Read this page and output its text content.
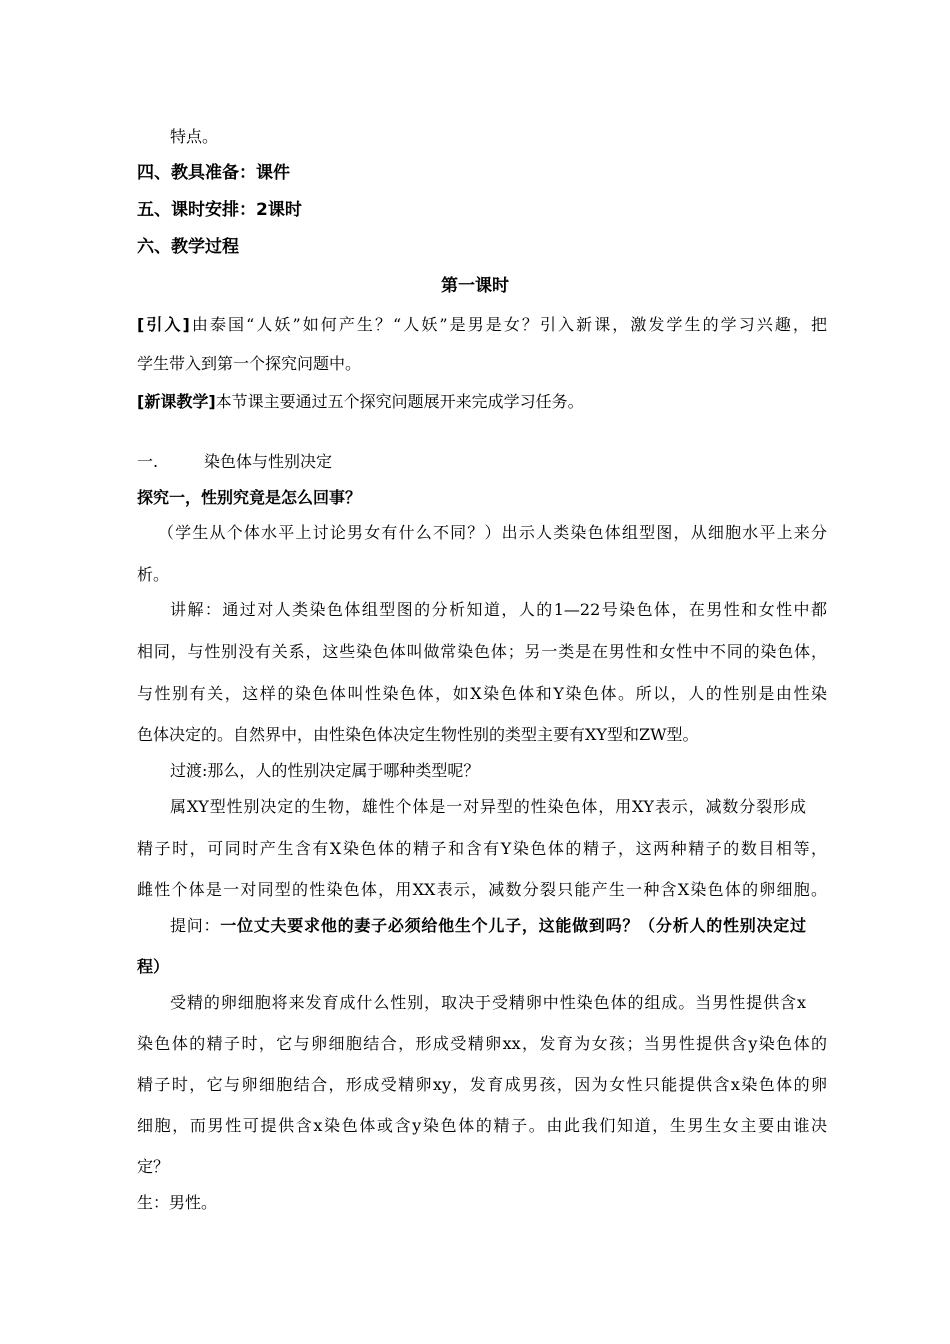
特点。
四、教具准备：课件
五、课时安排：2课时
六、教学过程
第一课时
[引入]由泰国“人妖”如何产生？“人妖”是男是女？引入新课，激发学生的学习兴趣，把
学生带入到第一个探究问题中。
[新课教学]本节课主要通过五个探究问题展开来完成学习任务。
一.	染色体与性别决定
探究一，性别究竟是怎么回事？
（学生从个体水平上讨论男女有什么不同？）出示人类染色体组型图，从细胞水平上来分
析。
讲解：通过对人类染色体组型图的分析知道，人的1—22号染色体，在男性和女性中都
相同，与性别没有关系，这些染色体叫做常染色体；另一类是在男性和女性中不同的染色体，
与性别有关，这样的染色体叫性染色体，如X染色体和Y染色体。所以，人的性别是由性染
色体决定的。自然界中，由性染色体决定生物性别的类型主要有XY型和ZW型。
过渡:那么，人的性别决定属于哪种类型呢？
属XY型性别决定的生物，雄性个体是一对异型的性染色体，用XY表示，减数分裂形成
精子时，可同时产生含有X染色体的精子和含有Y染色体的精子，这两种精子的数目相等，
雌性个体是一对同型的性染色体，用XX表示，减数分裂只能产生一种含X染色体的卵细胞。
提问：一位丈夫要求他的妻子必须给他生个儿子，这能做到吗？（分析人的性别决定过
程）
受精的卵细胞将来发育成什么性别，取决于受精卵中性染色体的组成。当男性提供含x
染色体的精子时，它与卵细胞结合，形成受精卵xx，发育为女孩；当男性提供含y染色体的
精子时，它与卵细胞结合，形成受精卵xy，发育成男孩，因为女性只能提供含x染色体的卵
细胞，而男性可提供含x染色体或含y染色体的精子。由此我们知道，生男生女主要由谁决
定？
生：男性。
